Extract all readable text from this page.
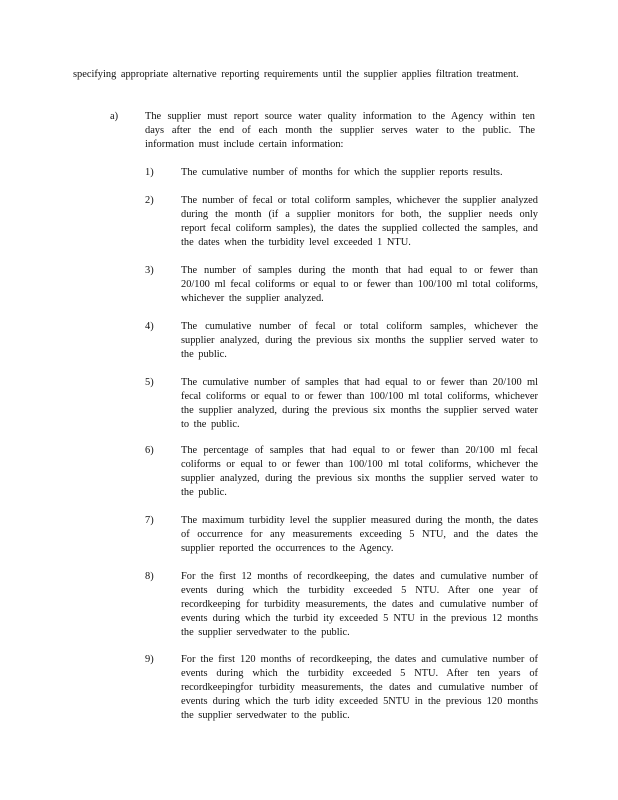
specifying appropriate alternative reporting requirements until the supplier applies filtration treatment.
a)	The supplier must report source water quality information to the Agency within ten days after the end of each month the supplier serves water to the public. The information must include certain information:
1)	The cumulative number of months for which the supplier reports results.
2)	The number of fecal or total coliform samples, whichever the supplier analyzed during the month (if a supplier monitors for both, the supplier needs only report fecal coliform samples), the dates the supplied collected the samples, and the dates when the turbidity level exceeded 1 NTU.
3)	The number of samples during the month that had equal to or fewer than 20/100 ml fecal coliforms or equal to or fewer than 100/100 ml total coliforms, whichever the supplier analyzed.
4)	The cumulative number of fecal or total coliform samples, whichever the supplier analyzed, during the previous six months the supplier served water to the public.
5)	The cumulative number of samples that had equal to or fewer than 20/100 ml fecal coliforms or equal to or fewer than 100/100 ml total coliforms, whichever the supplier analyzed, during the previous six months the supplier served water to the public.
6)	The percentage of samples that had equal to or fewer than 20/100 ml fecal coliforms or equal to or fewer than 100/100 ml total coliforms, whichever the supplier analyzed, during the previous six months the supplier served water to the public.
7)	The maximum turbidity level the supplier measured during the month, the dates of occurrence for any measurements exceeding 5 NTU, and the dates the supplier reported the occurrences to the Agency.
8)	For the first 12 months of recordkeeping, the dates and cumulative number of events during which the turbidity exceeded 5 NTU. After one year of recordkeeping for turbidity measurements, the dates and cumulative number of events during which the turbid ity exceeded 5 NTU in the previous 12 months the supplier servedwater to the public.
9)	For the first 120 months of recordkeeping, the dates and cumulative number of events during which the turbidity exceeded 5 NTU. After ten years of recordkeepingfor turbidity measurements, the dates and cumulative number of events during which the turb idity exceeded 5NTU in the previous 120 months the supplier servedwater to the public.
